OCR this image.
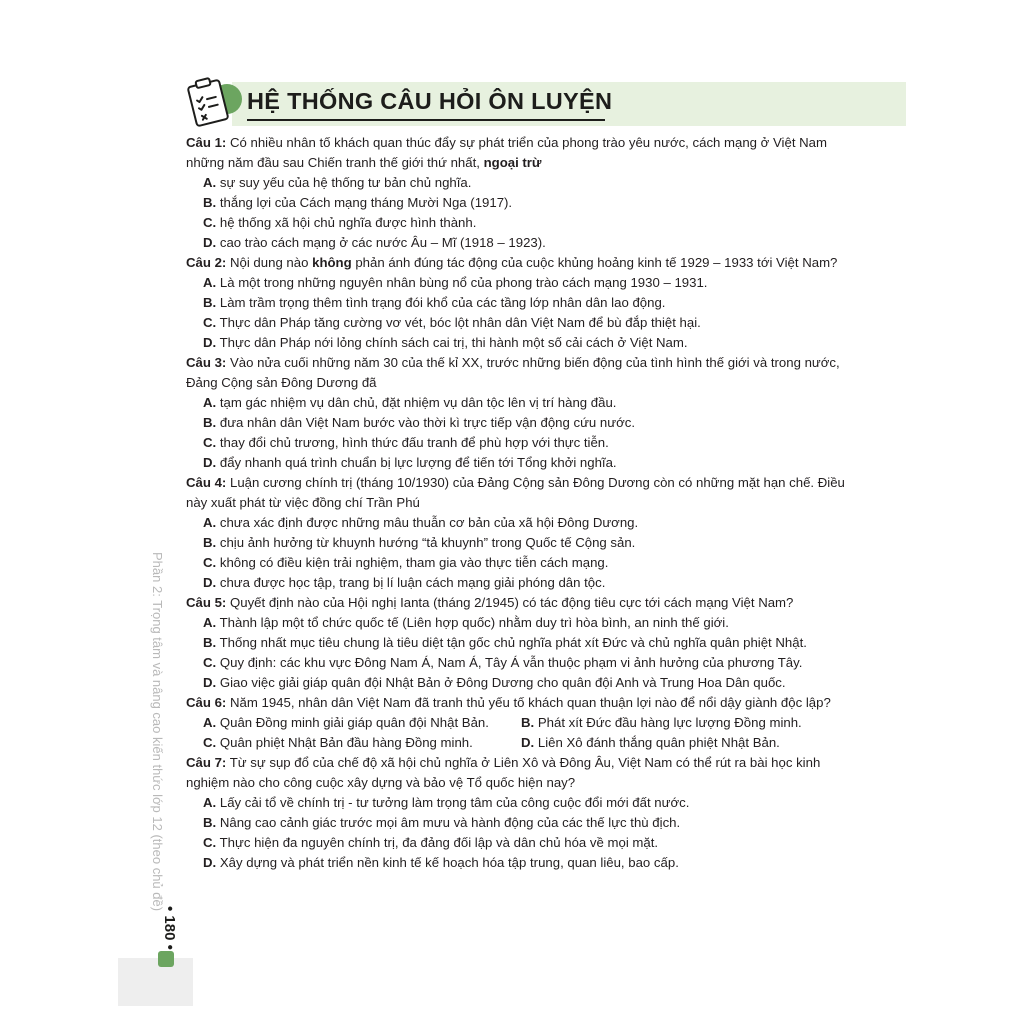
HỆ THỐNG CÂU HỎI ÔN LUYỆN

Câu 1: Có nhiều nhân tố khách quan thúc đẩy sự phát triển của phong trào yêu nước, cách mạng ở Việt Nam những năm đầu sau Chiến tranh thế giới thứ nhất, ngoại trừ

A. sự suy yếu của hệ thống tư bản chủ nghĩa.

B. thắng lợi của Cách mạng tháng Mười Nga (1917).

C. hệ thống xã hội chủ nghĩa được hình thành.

D. cao trào cách mạng ở các nước Âu – Mĩ (1918 – 1923).

Câu 2: Nội dung nào không phản ánh đúng tác động của cuộc khủng hoảng kinh tế 1929 – 1933 tới Việt Nam?

A. Là một trong những nguyên nhân bùng nổ của phong trào cách mạng 1930 – 1931.

B. Làm trầm trọng thêm tình trạng đói khổ của các tầng lớp nhân dân lao động.

C. Thực dân Pháp tăng cường vơ vét, bóc lột nhân dân Việt Nam để bù đắp thiệt hại.

D. Thực dân Pháp nới lỏng chính sách cai trị, thi hành một số cải cách ở Việt Nam.

Câu 3: Vào nửa cuối những năm 30 của thế kỉ XX, trước những biến động của tình hình thế giới và trong nước, Đảng Cộng sản Đông Dương đã

A. tạm gác nhiệm vụ dân chủ, đặt nhiệm vụ dân tộc lên vị trí hàng đầu.

B. đưa nhân dân Việt Nam bước vào thời kì trực tiếp vận động cứu nước.

C. thay đổi chủ trương, hình thức đấu tranh để phù hợp với thực tiễn.

D. đẩy nhanh quá trình chuẩn bị lực lượng để tiến tới Tổng khởi nghĩa.

Câu 4: Luận cương chính trị (tháng 10/1930) của Đảng Cộng sản Đông Dương còn có những mặt hạn chế. Điều này xuất phát từ việc đồng chí Trần Phú

A. chưa xác định được những mâu thuẫn cơ bản của xã hội Đông Dương.

B. chịu ảnh hưởng từ khuynh hướng “tả khuynh” trong Quốc tế Cộng sản.

C. không có điều kiện trải nghiệm, tham gia vào thực tiễn cách mạng.

D. chưa được học tập, trang bị lí luận cách mạng giải phóng dân tộc.

Câu 5: Quyết định nào của Hội nghị Ianta (tháng 2/1945) có tác động tiêu cực tới cách mạng Việt Nam?

A. Thành lập một tổ chức quốc tế (Liên hợp quốc) nhằm duy trì hòa bình, an ninh thế giới.

B. Thống nhất mục tiêu chung là tiêu diệt tận gốc chủ nghĩa phát xít Đức và chủ nghĩa quân phiệt Nhật.

C. Quy định: các khu vực Đông Nam Á, Nam Á, Tây Á vẫn thuộc phạm vi ảnh hưởng của phương Tây.

D. Giao việc giải giáp quân đội Nhật Bản ở Đông Dương cho quân đội Anh và Trung Hoa Dân quốc.

Câu 6: Năm 1945, nhân dân Việt Nam đã tranh thủ yếu tố khách quan thuận lợi nào để nổi dậy giành độc lập?

A. Quân Đồng minh giải giáp quân đội Nhật Bản.	B. Phát xít Đức đầu hàng lực lượng Đồng minh.
C. Quân phiệt Nhật Bản đầu hàng Đồng minh.	D. Liên Xô đánh thắng quân phiệt Nhật Bản.

Câu 7: Từ sự sụp đổ của chế độ xã hội chủ nghĩa ở Liên Xô và Đông Âu, Việt Nam có thể rút ra bài học kinh nghiệm nào cho công cuộc xây dựng và bảo vệ Tổ quốc hiện nay?

A. Lấy cải tổ về chính trị - tư tưởng làm trọng tâm của công cuộc đổi mới đất nước.

B. Nâng cao cảnh giác trước mọi âm mưu và hành động của các thế lực thù địch.

C. Thực hiện đa nguyên chính trị, đa đảng đối lập và dân chủ hóa về mọi mặt.

D. Xây dựng và phát triển nền kinh tế kế hoạch hóa tập trung, quan liêu, bao cấp.

Phần 2: Trọng tâm và nâng cao kiến thức lớp 12 (theo chủ đề)
• 180 •
